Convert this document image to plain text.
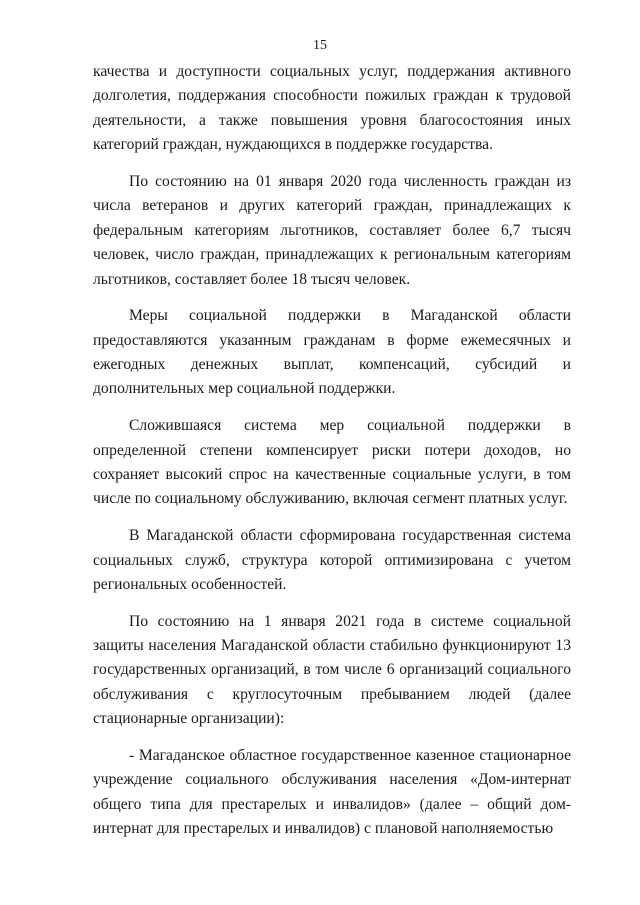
15

качества и доступности социальных услуг, поддержания активного долголетия, поддержания способности пожилых граждан к трудовой деятельности, а также повышения уровня благосостояния иных категорий граждан, нуждающихся в поддержке государства.

По состоянию на 01 января 2020 года численность граждан из числа ветеранов и других категорий граждан, принадлежащих к федеральным категориям льготников, составляет более 6,7 тысяч человек, число граждан, принадлежащих к региональным категориям льготников, составляет более 18 тысяч человек.

Меры социальной поддержки в Магаданской области предоставляются указанным гражданам в форме ежемесячных и ежегодных денежных выплат, компенсаций, субсидий и дополнительных мер социальной поддержки.

Сложившаяся система мер социальной поддержки в определенной степени компенсирует риски потери доходов, но сохраняет высокий спрос на качественные социальные услуги, в том числе по социальному обслуживанию, включая сегмент платных услуг.

В Магаданской области сформирована государственная система социальных служб, структура которой оптимизирована с учетом региональных особенностей.

По состоянию на 1 января 2021 года в системе социальной защиты населения Магаданской области стабильно функционируют 13 государственных организаций, в том числе 6 организаций социального обслуживания с круглосуточным пребыванием людей (далее стационарные организации):

- Магаданское областное государственное казенное стационарное учреждение социального обслуживания населения «Дом-интернат общего типа для престарелых и инвалидов» (далее – общий дом-интернат для престарелых и инвалидов) с плановой наполняемостью
